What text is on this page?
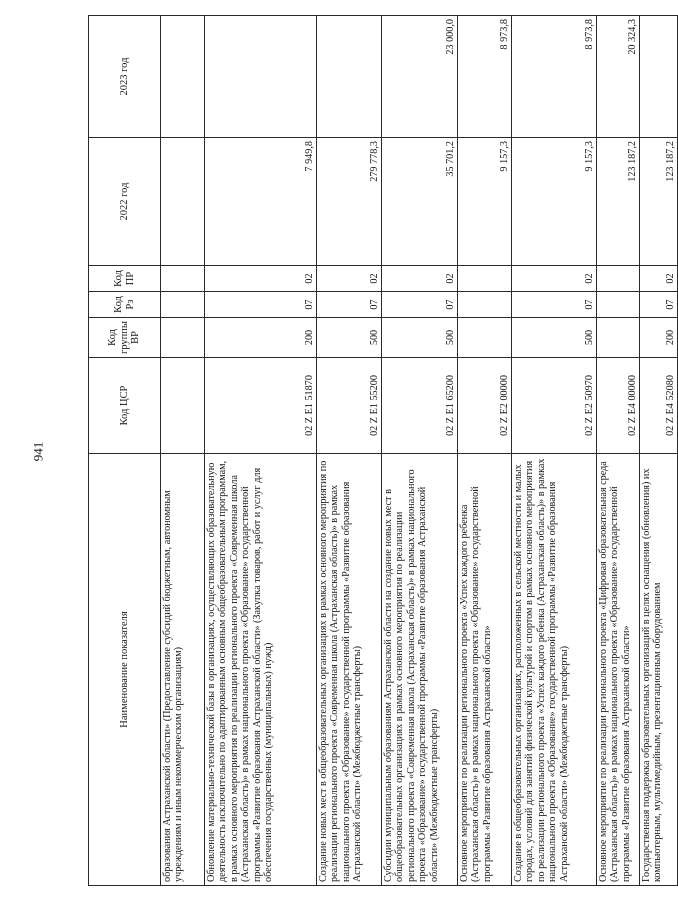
941
Наименование показателя	Код ЦСР	Код группы ВР	Код Рз	Код ПР	2022 год	2023 год
образования Астраханской области» (Предоставление субсидий бюджетным, автономным учреждениям и иным некоммерческим организациям)						
Обновление материально-технической базы в организациях, осуществляющих образовательную деятельность исключительно по адаптированным основным общеобразовательным программам, в рамках основного мероприятия по реализации регионального проекта «Современная школа (Астраханская область)» в рамках национального проекта «Образование» государственной программы «Развитие образования Астраханской области» (Закупка товаров, работ и услуг для обеспечения государственных (муниципальных) нужд)	02 Z E1 51870	200	07	02	7 949,8	
Создание новых мест в общеобразовательных организациях в рамках основного мероприятия по реализации регионального проекта «Современная школа (Астраханская область)» в рамках национального проекта «Образование» государственной программы «Развитие образования Астраханской области» (Межбюджетные трансферты)	02 Z E1 55200	500	07	02	279 778,3	
Субсидии муниципальным образованиям Астраханской области на создание новых мест в общеобразовательных организациях в рамках основного мероприятия по реализации регионального проекта «Современная школа (Астраханская область)» в рамках национального проекта «Образование» государственной программы «Развитие образования Астраханской области» (Межбюджетные трансферты)	02 Z E1 65200	500	07	02	35 701,2	23 000,0
Основное мероприятие по реализации регионального проекта «Успех каждого ребенка (Астраханская область)» в рамках национального проекта «Образование» государственной программы «Развитие образования Астраханской области»	02 Z E2 00000				9 157,3	8 973,8
Создание в общеобразовательных организациях, расположенных в сельской местности и малых городах, условий для занятий физической культурой и спортом в рамках основного мероприятия по реализации регионального проекта «Успех каждого ребенка (Астраханская область)» в рамках национального проекта «Образование» государственной программы «Развитие образования Астраханской области» (Межбюджетные трансферты)	02 Z E2 50970	500	07	02	9 157,3	8 973,8
Основное мероприятие по реализации регионального проекта «Цифровая образовательная среда (Астраханская область)» в рамках национального проекта «Образование» государственной программы «Развитие образования Астраханской области»	02 Z E4 00000				123 187,2	20 324,3
Государственная поддержка образовательных организаций в целях оснащения (обновления) их компьютерным, мультимедийным, презентационным оборудованием	02 Z E4 52080	200	07	02	123 187,2	
